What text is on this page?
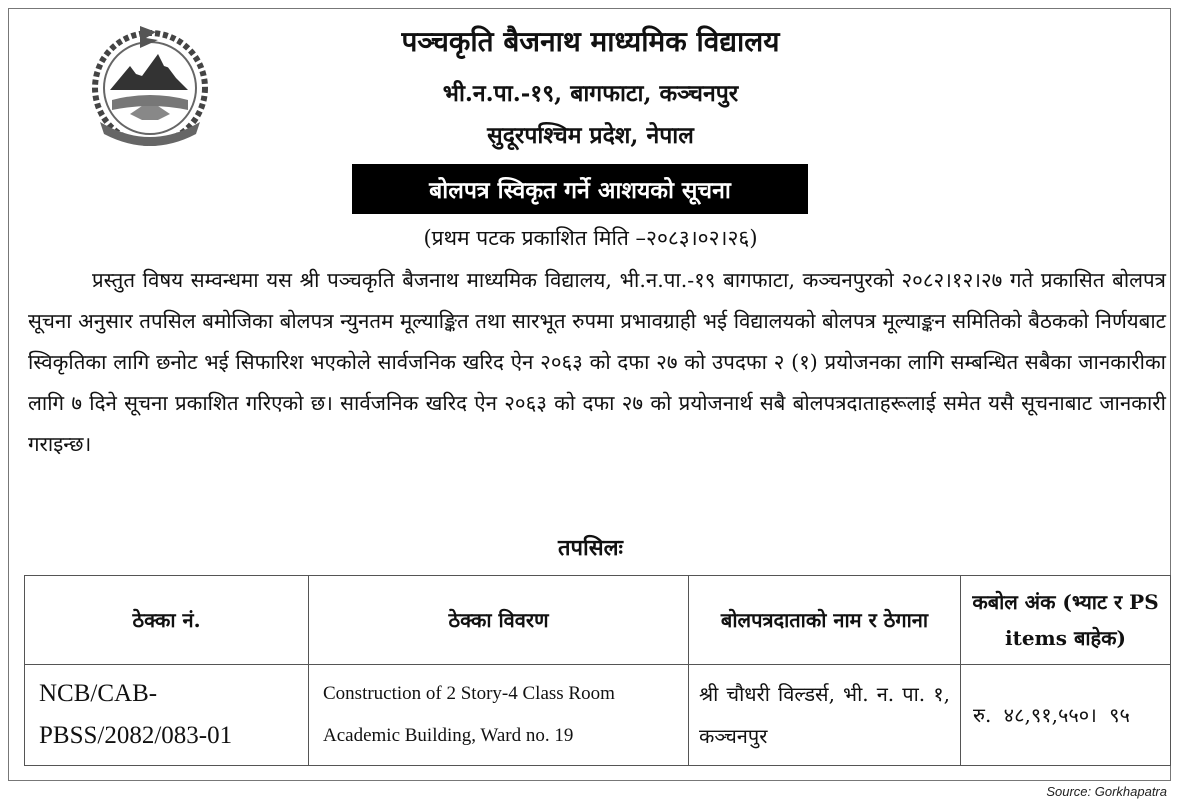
पञ्चकृति बैजनाथ माध्यमिक विद्यालय
भी.न.पा.-१९, बागफाटा, कञ्चनपुर
सुदूरपश्चिम प्रदेश, नेपाल
बोलपत्र स्विकृत गर्ने आशयको सूचना
(प्रथम पटक प्रकाशित मिति –२०८३।०२।२६)
प्रस्तुत विषय सम्वन्धमा यस श्री पञ्चकृति बैजनाथ माध्यमिक विद्यालय, भी.न.पा.-१९ बागफाटा, कञ्चनपुरको २०८२।१२।२७ गते प्रकासित बोलपत्र सूचना अनुसार तपसिल बमोजिका बोलपत्र न्युनतम मूल्याङ्कित तथा सारभूत रुपमा प्रभावग्राही भई विद्यालयको बोलपत्र मूल्याङ्कन समितिको बैठकको निर्णयबाट स्विकृतिका लागि छनोट भई सिफारिश भएकोले सार्वजनिक खरिद ऐन २०६३ को दफा २७ को उपदफा २ (१) प्रयोजनका लागि सम्बन्धित सबैका जानकारीका लागि ७ दिने सूचना प्रकाशित गरिएको छ। सार्वजनिक खरिद ऐन २०६३ को दफा २७ को प्रयोजनार्थ सबै बोलपत्रदाताहरूलाई समेत यसै सूचनाबाट जानकारी गराइन्छ।
तपसिलः
ठेक्का नं.	ठेक्का विवरण	बोलपत्रदाताको नाम र ठेगाना	कबोल अंक (भ्याट र PS items बाहेक)
NCB/CAB-PBSS/2082/083-01	Construction of 2 Story-4 Class Room Academic Building, Ward no. 19	श्री चौधरी विल्डर्स, भी. न. पा. १, कञ्चनपुर	रु. ४८,९१,५५०। ९५
Source: Gorkhapatra
